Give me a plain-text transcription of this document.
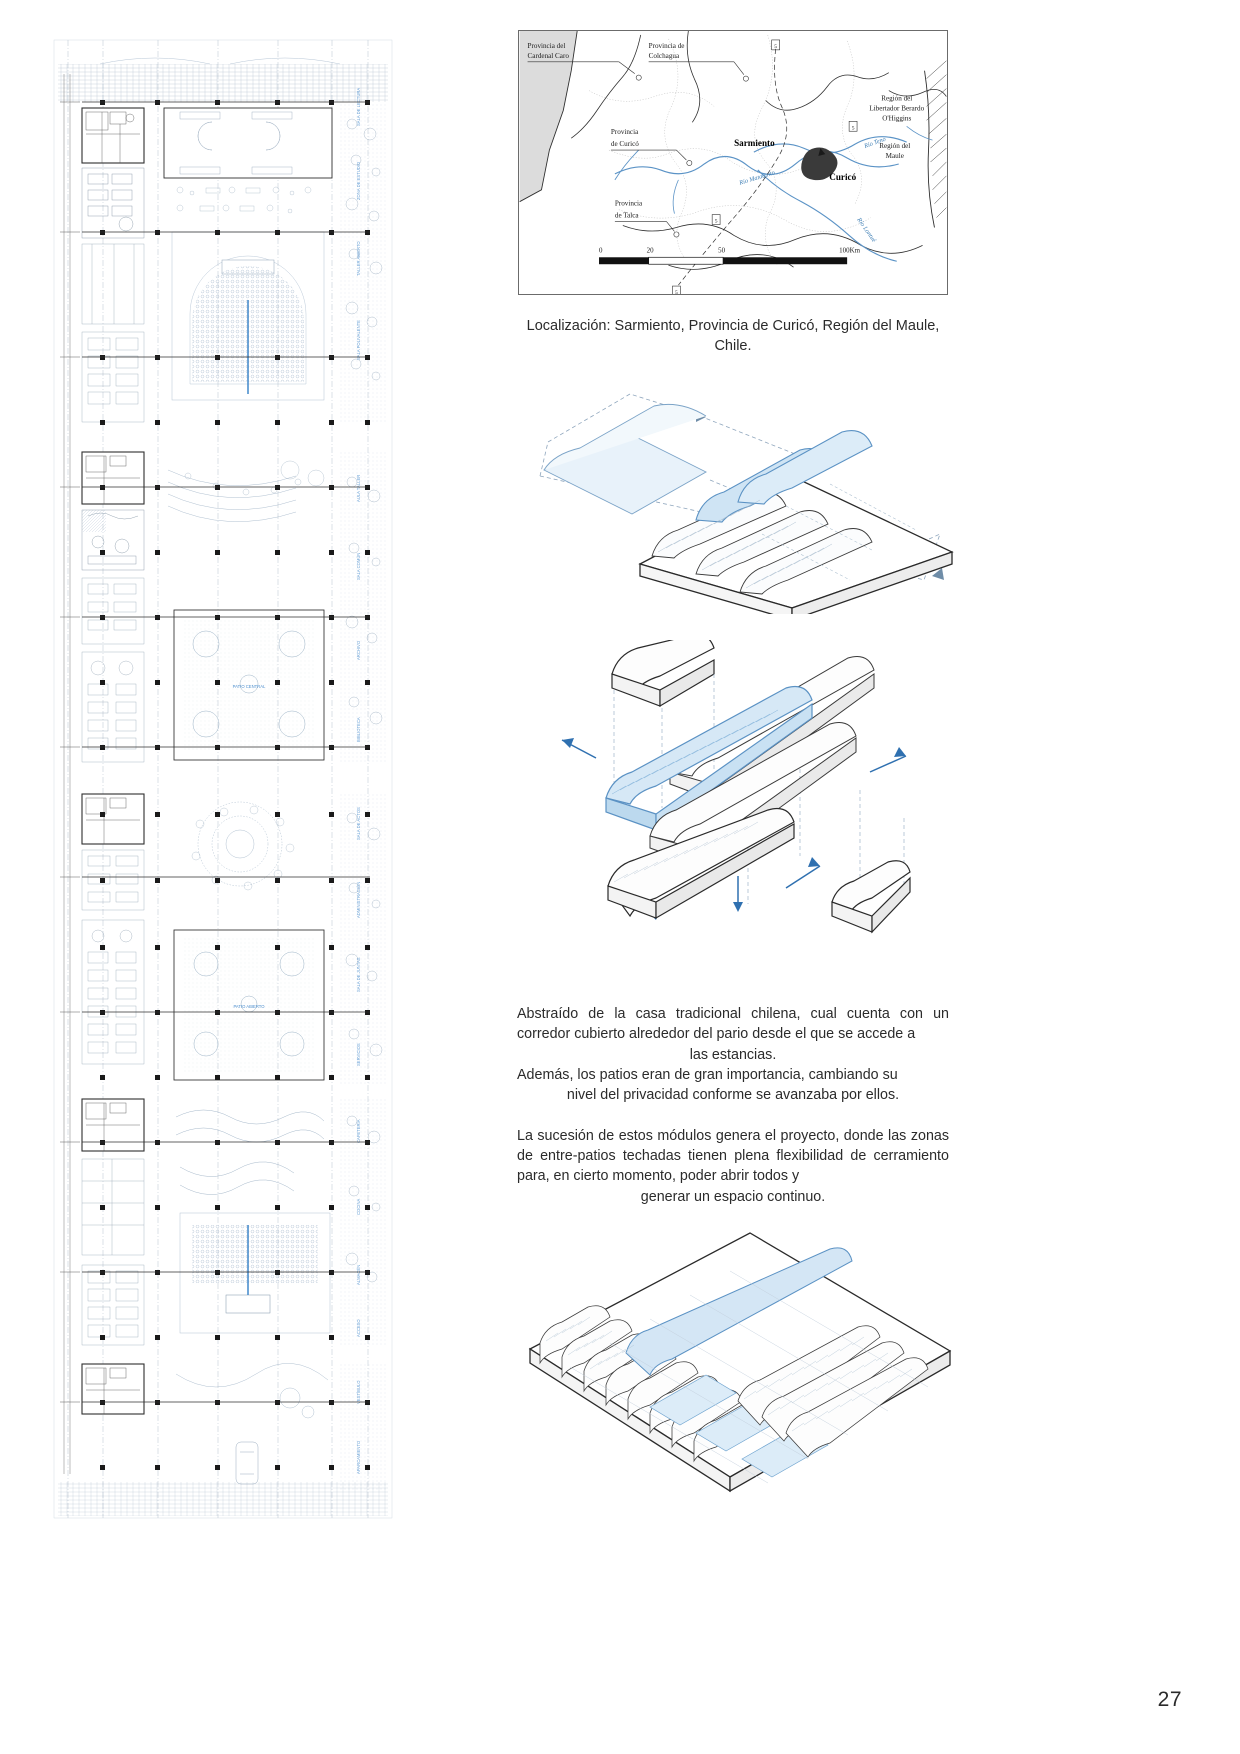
SALA DE LECTURA
ZONA DE ESTUDIO
TALLER ABIERTO
SALA POLIVALENTE
PATIO CENTRAL
AULA TALLER
SALA COMÚN
ARCHIVO
BIBLIOTECA
PATIO ABIERTO
SALA DE ACTOS
ADMINISTRACIÓN
SALA DE JUNTAS
SERVICIOS
CAFETERÍA
COCINA
ALMACÉN
ACCESO
VESTÍBULO
APARCAMIENTO
Río Mataquito
Río Teno
Río Lontué
5
5
5
5
Sarmiento
Curicó
Provincia del
Cardenal Caro
Provincia de
Colchagua
Provincia
de Curicó
Provincia
de Talca
Región del
Libertador Berardo
O'Higgins
Región del
Maule
0	20	50	100Km
Localización: Sarmiento, Provincia de Curicó, Región del Maule, Chile.

Abstraído de la casa tradicional chilena, cual cuenta con un corredor cubierto alrededor del pario desde el que se accede a
las estancias.
Además, los patios eran de gran importancia, cambiando su
nivel del privacidad conforme se avanzaba por ellos.

La sucesión de estos módulos genera el proyecto, donde las zonas de entre-patios techadas tienen plena flexibilidad de cerramiento para, en cierto momento, poder abrir todos y
generar un espacio continuo.

27
